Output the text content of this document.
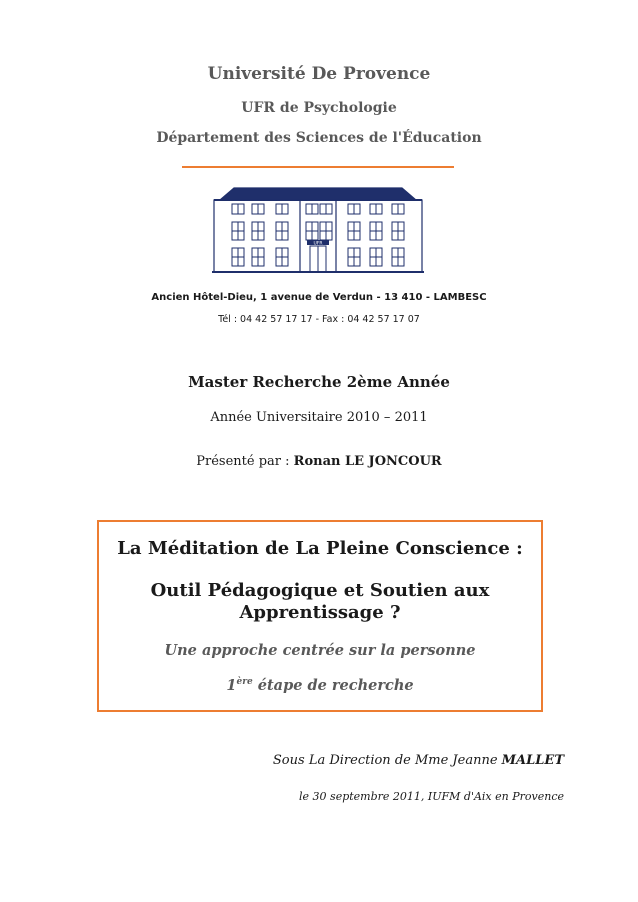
Université De Provence
UFR de Psychologie
Département des Sciences de l'Éducation
UFR
Ancien Hôtel-Dieu, 1 avenue de Verdun - 13 410 - LAMBESC
Tél : 04 42 57 17 17 - Fax : 04 42 57 17 07
Master Recherche 2ème Année
Année Universitaire 2010 – 2011
Présenté par : Ronan LE JONCOUR
La Méditation de La Pleine Conscience :
Outil Pédagogique et Soutien aux
Apprentissage ?
Une approche centrée sur la personne
1ère étape de recherche
Sous La Direction de Mme Jeanne MALLET
le 30 septembre 2011, IUFM d'Aix en Provence
